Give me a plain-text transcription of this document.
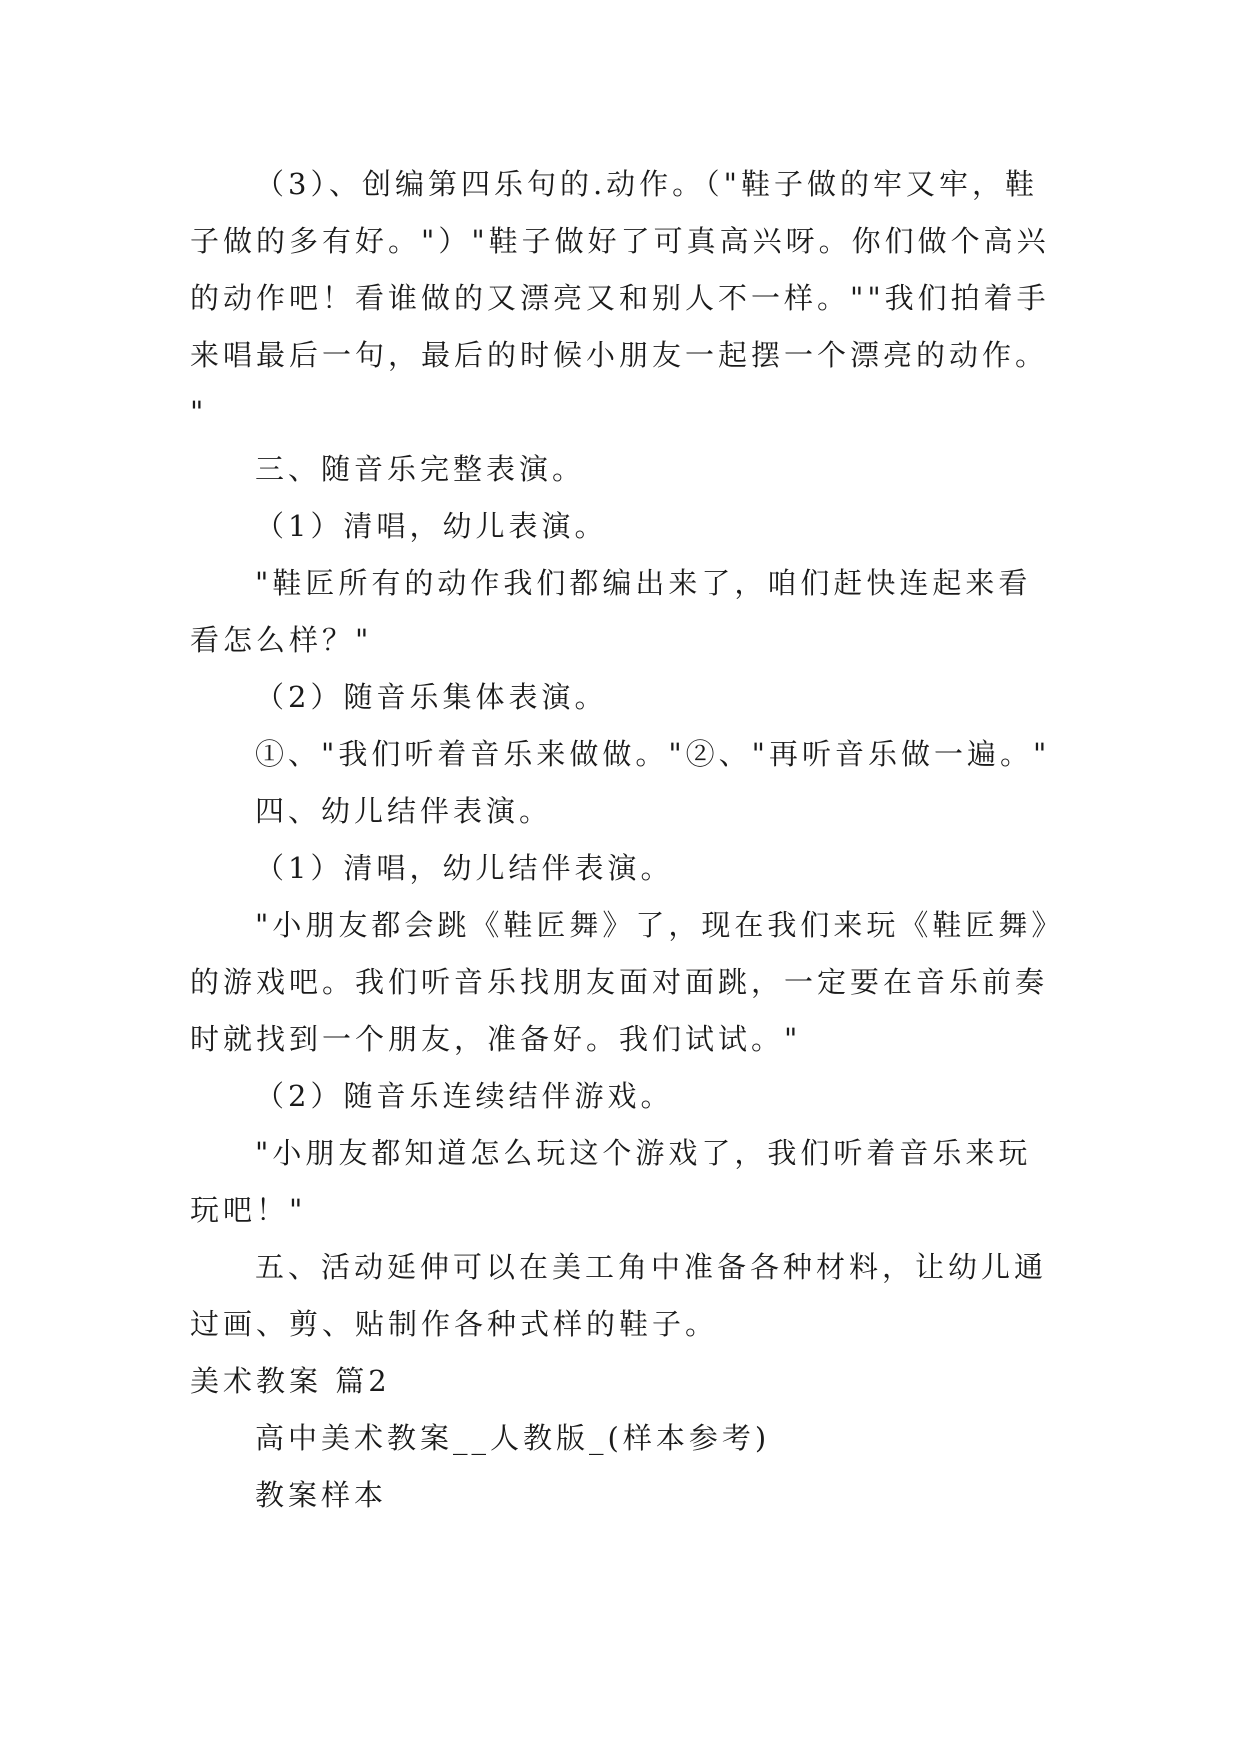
（3）、创编第四乐句的.动作。（"鞋子做的牢又牢，鞋
子做的多有好。"）"鞋子做好了可真高兴呀。你们做个高兴
的动作吧！看谁做的又漂亮又和别人不一样。""我们拍着手
来唱最后一句，最后的时候小朋友一起摆一个漂亮的动作。
"
三、随音乐完整表演。
（1）清唱，幼儿表演。
"鞋匠所有的动作我们都编出来了，咱们赶快连起来看
看怎么样？"
（2）随音乐集体表演。
①、"我们听着音乐来做做。"②、"再听音乐做一遍。"
四、幼儿结伴表演。
（1）清唱，幼儿结伴表演。
"小朋友都会跳《鞋匠舞》了，现在我们来玩《鞋匠舞》
的游戏吧。我们听音乐找朋友面对面跳，一定要在音乐前奏
时就找到一个朋友，准备好。我们试试。"
（2）随音乐连续结伴游戏。
"小朋友都知道怎么玩这个游戏了，我们听着音乐来玩
玩吧！"
五、活动延伸可以在美工角中准备各种材料，让幼儿通
过画、剪、贴制作各种式样的鞋子。
美术教案 篇2
高中美术教案__人教版_(样本参考)
教案样本
